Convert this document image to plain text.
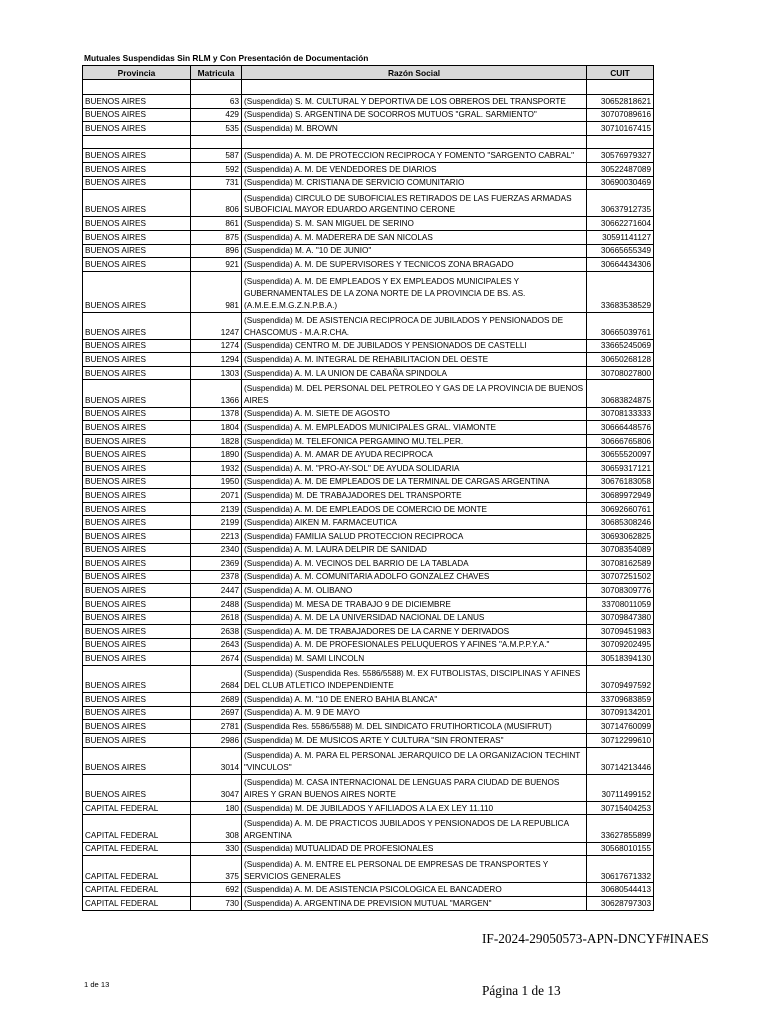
Mutuales Suspendidas Sin RLM y Con Presentación de Documentación
Provincia	Matricula	Razón Social	CUIT

BUENOS AIRES	63	(Suspendida) S. M. CULTURAL Y DEPORTIVA DE LOS OBREROS DEL TRANSPORTE	30652818621
BUENOS AIRES	429	(Suspendida) S. ARGENTINA DE SOCORROS MUTUOS "GRAL. SARMIENTO"	30707089616
BUENOS AIRES	535	(Suspendida) M. BROWN	30710167415

BUENOS AIRES	587	(Suspendida) A. M. DE PROTECCION RECIPROCA Y FOMENTO "SARGENTO CABRAL"	30576979327
BUENOS AIRES	592	(Suspendida) A. M. DE VENDEDORES DE DIARIOS	30522487089
BUENOS AIRES	731	(Suspendida) M. CRISTIANA DE SERVICIO COMUNITARIO	30690030469
BUENOS AIRES	806	(Suspendida) CIRCULO DE SUBOFICIALES RETIRADOS DE LAS FUERZAS ARMADAS SUBOFICIAL MAYOR EDUARDO ARGENTINO CERONE	30637912735
BUENOS AIRES	861	(Suspendida) S. M. SAN MIGUEL DE SERINO	30662271604
BUENOS AIRES	875	(Suspendida) A. M. MADERERA DE SAN NICOLAS	30591141127
BUENOS AIRES	896	(Suspendida) M. A. "10 DE JUNIO"	30665655349
BUENOS AIRES	921	(Suspendida) A. M. DE SUPERVISORES Y TECNICOS ZONA BRAGADO	30664434306
BUENOS AIRES	981	(Suspendida) A. M. DE EMPLEADOS Y EX EMPLEADOS MUNICIPALES Y GUBERNAMENTALES DE LA ZONA NORTE DE LA PROVINCIA DE BS. AS. (A.M.E.E.M.G.Z.N.P.B.A.)	33683538529
BUENOS AIRES	1247	(Suspendida) M. DE ASISTENCIA RECIPROCA DE JUBILADOS Y PENSIONADOS DE CHASCOMUS - M.A.R.CHA.	30665039761
BUENOS AIRES	1274	(Suspendida) CENTRO M. DE JUBILADOS Y PENSIONADOS DE CASTELLI	33665245069
BUENOS AIRES	1294	(Suspendida) A. M. INTEGRAL DE REHABILITACION DEL OESTE	30650268128
BUENOS AIRES	1303	(Suspendida) A. M. LA UNION DE CABAÑA SPINDOLA	30708027800
BUENOS AIRES	1366	(Suspendida) M. DEL PERSONAL DEL PETROLEO Y GAS DE LA PROVINCIA DE BUENOS AIRES	30683824875
BUENOS AIRES	1378	(Suspendida) A. M. SIETE DE AGOSTO	30708133333
BUENOS AIRES	1804	(Suspendida) A. M. EMPLEADOS MUNICIPALES GRAL. VIAMONTE	30666448576
BUENOS AIRES	1828	(Suspendida) M. TELEFONICA PERGAMINO MU.TEL.PER.	30666765806
BUENOS AIRES	1890	(Suspendida) A. M. AMAR DE AYUDA RECIPROCA	30655520097
BUENOS AIRES	1932	(Suspendida) A. M. "PRO-AY-SOL" DE AYUDA SOLIDARIA	30659317121
BUENOS AIRES	1950	(Suspendida) A. M. DE EMPLEADOS DE LA TERMINAL DE CARGAS ARGENTINA	30676183058
BUENOS AIRES	2071	(Suspendida) M. DE TRABAJADORES DEL TRANSPORTE	30689972949
BUENOS AIRES	2139	(Suspendida) A. M. DE EMPLEADOS DE COMERCIO DE MONTE	30692660761
BUENOS AIRES	2199	(Suspendida) AIKEN M. FARMACEUTICA	30685308246
BUENOS AIRES	2213	(Suspendida) FAMILIA SALUD PROTECCION RECIPROCA	30693062825
BUENOS AIRES	2340	(Suspendida) A. M. LAURA DELPIR DE SANIDAD	30708354089
BUENOS AIRES	2369	(Suspendida) A. M. VECINOS DEL BARRIO DE LA TABLADA	30708162589
BUENOS AIRES	2378	(Suspendida) A. M. COMUNITARIA ADOLFO GONZALEZ CHAVES	30707251502
BUENOS AIRES	2447	(Suspendida) A. M. OLIBANO	30708309776
BUENOS AIRES	2488	(Suspendida) M. MESA DE TRABAJO 9 DE DICIEMBRE	33708011059
BUENOS AIRES	2618	(Suspendida) A. M. DE LA UNIVERSIDAD NACIONAL DE LANUS	30709847380
BUENOS AIRES	2638	(Suspendida) A. M. DE TRABAJADORES DE LA CARNE Y DERIVADOS	30709451983
BUENOS AIRES	2643	(Suspendida) A. M. DE PROFESIONALES PELUQUEROS Y AFINES "A.M.P.P.Y.A."	30709202495
BUENOS AIRES	2674	(Suspendida) M. SAMI LINCOLN	30518394130
BUENOS AIRES	2684	(Suspendida) (Suspendida Res. 5586/5588) M. EX FUTBOLISTAS, DISCIPLINAS Y AFINES DEL CLUB ATLETICO INDEPENDIENTE	30709497592
BUENOS AIRES	2689	(Suspendida) A. M. "10 DE ENERO BAHIA BLANCA"	33709683859
BUENOS AIRES	2697	(Suspendida) A. M. 9 DE MAYO	30709134201
BUENOS AIRES	2781	(Suspendida Res. 5586/5588) M. DEL SINDICATO FRUTIHORTICOLA (MUSIFRUT)	30714760099
BUENOS AIRES	2986	(Suspendida) M. DE MUSICOS ARTE Y CULTURA "SIN FRONTERAS"	30712299610
BUENOS AIRES	3014	(Suspendida) A. M. PARA EL PERSONAL JERARQUICO DE LA ORGANIZACION TECHINT "VINCULOS"	30714213446
BUENOS AIRES	3047	(Suspendida) M. CASA INTERNACIONAL DE LENGUAS PARA CIUDAD DE BUENOS AIRES Y GRAN BUENOS AIRES NORTE	30711499152
CAPITAL FEDERAL	180	(Suspendida) M. DE JUBILADOS Y AFILIADOS A LA EX LEY 11.110	30715404253
CAPITAL FEDERAL	308	(Suspendida) A. M. DE PRACTICOS JUBILADOS Y PENSIONADOS DE LA REPUBLICA ARGENTINA	33627855899
CAPITAL FEDERAL	330	(Suspendida) MUTUALIDAD DE PROFESIONALES	30568010155
CAPITAL FEDERAL	375	(Suspendida) A. M. ENTRE EL PERSONAL DE EMPRESAS DE TRANSPORTES Y SERVICIOS GENERALES	30617671332
CAPITAL FEDERAL	692	(Suspendida) A. M. DE ASISTENCIA PSICOLOGICA EL BANCADERO	30680544413
CAPITAL FEDERAL	730	(Suspendida) A. ARGENTINA DE PREVISION MUTUAL "MARGEN"	30628797303
IF-2024-29050573-APN-DNCYF#INAES
1 de 13	Página 1 de 13
